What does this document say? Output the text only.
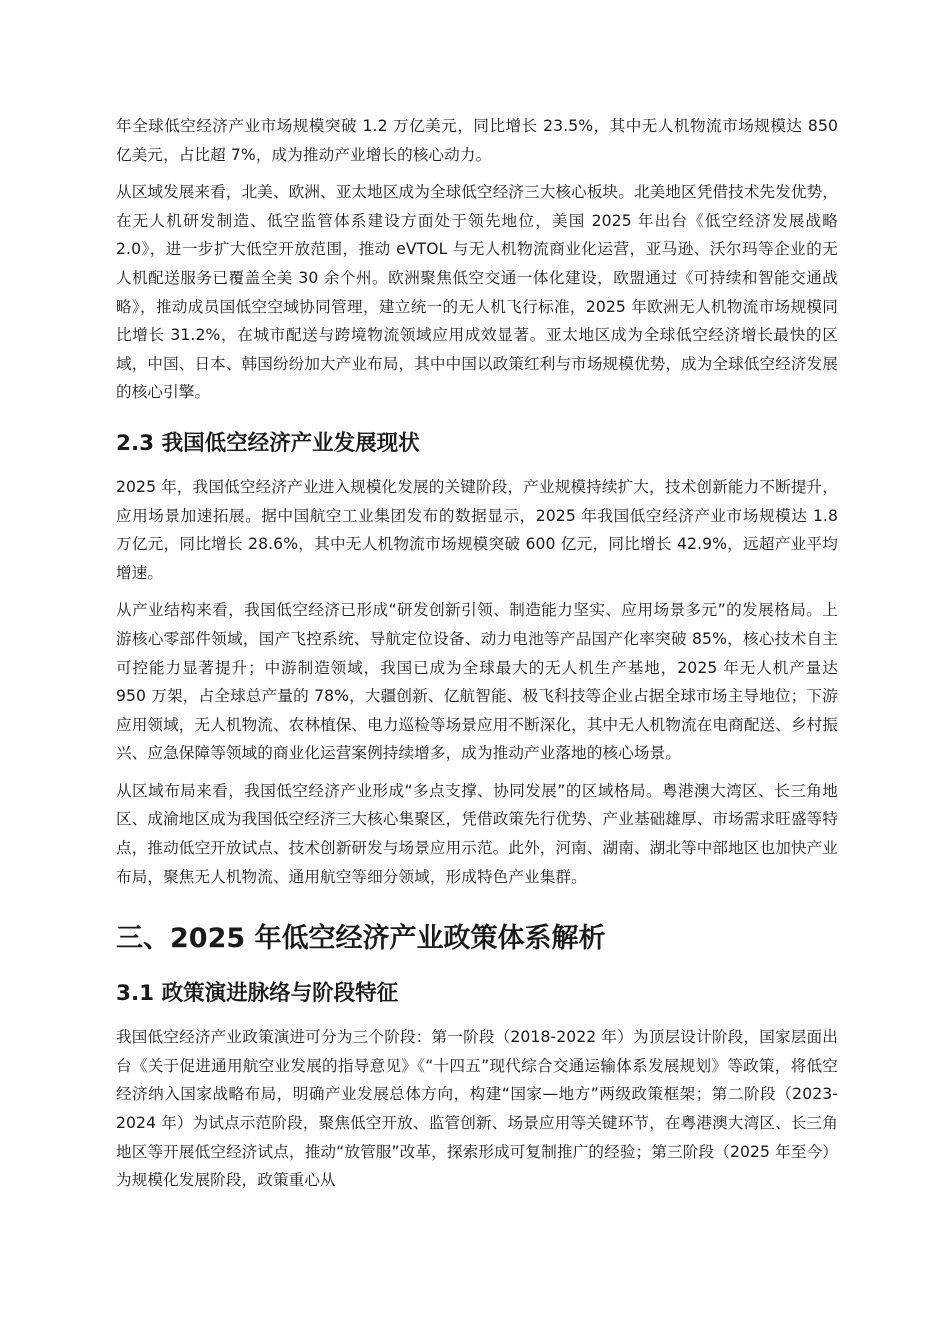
年全球低空经济产业市场规模突破 1.2 万亿美元，同比增长 23.5%，其中无人机物流市场规模达 850 亿美元，占比超 7%，成为推动产业增长的核心动力。

从区域发展来看，北美、欧洲、亚太地区成为全球低空经济三大核心板块。北美地区凭借技术先发优势，在无人机研发制造、低空监管体系建设方面处于领先地位，美国 2025 年出台《低空经济发展战略 2.0》，进一步扩大低空开放范围，推动 eVTOL 与无人机物流商业化运营，亚马逊、沃尔玛等企业的无人机配送服务已覆盖全美 30 余个州。欧洲聚焦低空交通一体化建设，欧盟通过《可持续和智能交通战略》，推动成员国低空空域协同管理，建立统一的无人机飞行标准，2025 年欧洲无人机物流市场规模同比增长 31.2%，在城市配送与跨境物流领域应用成效显著。亚太地区成为全球低空经济增长最快的区域，中国、日本、韩国纷纷加大产业布局，其中中国以政策红利与市场规模优势，成为全球低空经济发展的核心引擎。

2.3 我国低空经济产业发展现状

2025 年，我国低空经济产业进入规模化发展的关键阶段，产业规模持续扩大，技术创新能力不断提升，应用场景加速拓展。据中国航空工业集团发布的数据显示，2025 年我国低空经济产业市场规模达 1.8 万亿元，同比增长 28.6%，其中无人机物流市场规模突破 600 亿元，同比增长 42.9%，远超产业平均增速。

从产业结构来看，我国低空经济已形成“研发创新引领、制造能力坚实、应用场景多元”的发展格局。上游核心零部件领域，国产飞控系统、导航定位设备、动力电池等产品国产化率突破 85%，核心技术自主可控能力显著提升；中游制造领域，我国已成为全球最大的无人机生产基地，2025 年无人机产量达 950 万架，占全球总产量的 78%，大疆创新、亿航智能、极飞科技等企业占据全球市场主导地位；下游应用领域，无人机物流、农林植保、电力巡检等场景应用不断深化，其中无人机物流在电商配送、乡村振兴、应急保障等领域的商业化运营案例持续增多，成为推动产业落地的核心场景。

从区域布局来看，我国低空经济产业形成“多点支撑、协同发展”的区域格局。粤港澳大湾区、长三角地区、成渝地区成为我国低空经济三大核心集聚区，凭借政策先行优势、产业基础雄厚、市场需求旺盛等特点，推动低空开放试点、技术创新研发与场景应用示范。此外，河南、湖南、湖北等中部地区也加快产业布局，聚焦无人机物流、通用航空等细分领域，形成特色产业集群。

三、2025 年低空经济产业政策体系解析
3.1 政策演进脉络与阶段特征

我国低空经济产业政策演进可分为三个阶段：第一阶段（2018-2022 年）为顶层设计阶段，国家层面出台《关于促进通用航空业发展的指导意见》《“十四五”现代综合交通运输体系发展规划》等政策，将低空经济纳入国家战略布局，明确产业发展总体方向，构建“国家—地方”两级政策框架；第二阶段（2023-2024 年）为试点示范阶段，聚焦低空开放、监管创新、场景应用等关键环节，在粤港澳大湾区、长三角地区等开展低空经济试点，推动“放管服”改革，探索形成可复制推广的经验；第三阶段（2025 年至今）为规模化发展阶段，政策重心从
